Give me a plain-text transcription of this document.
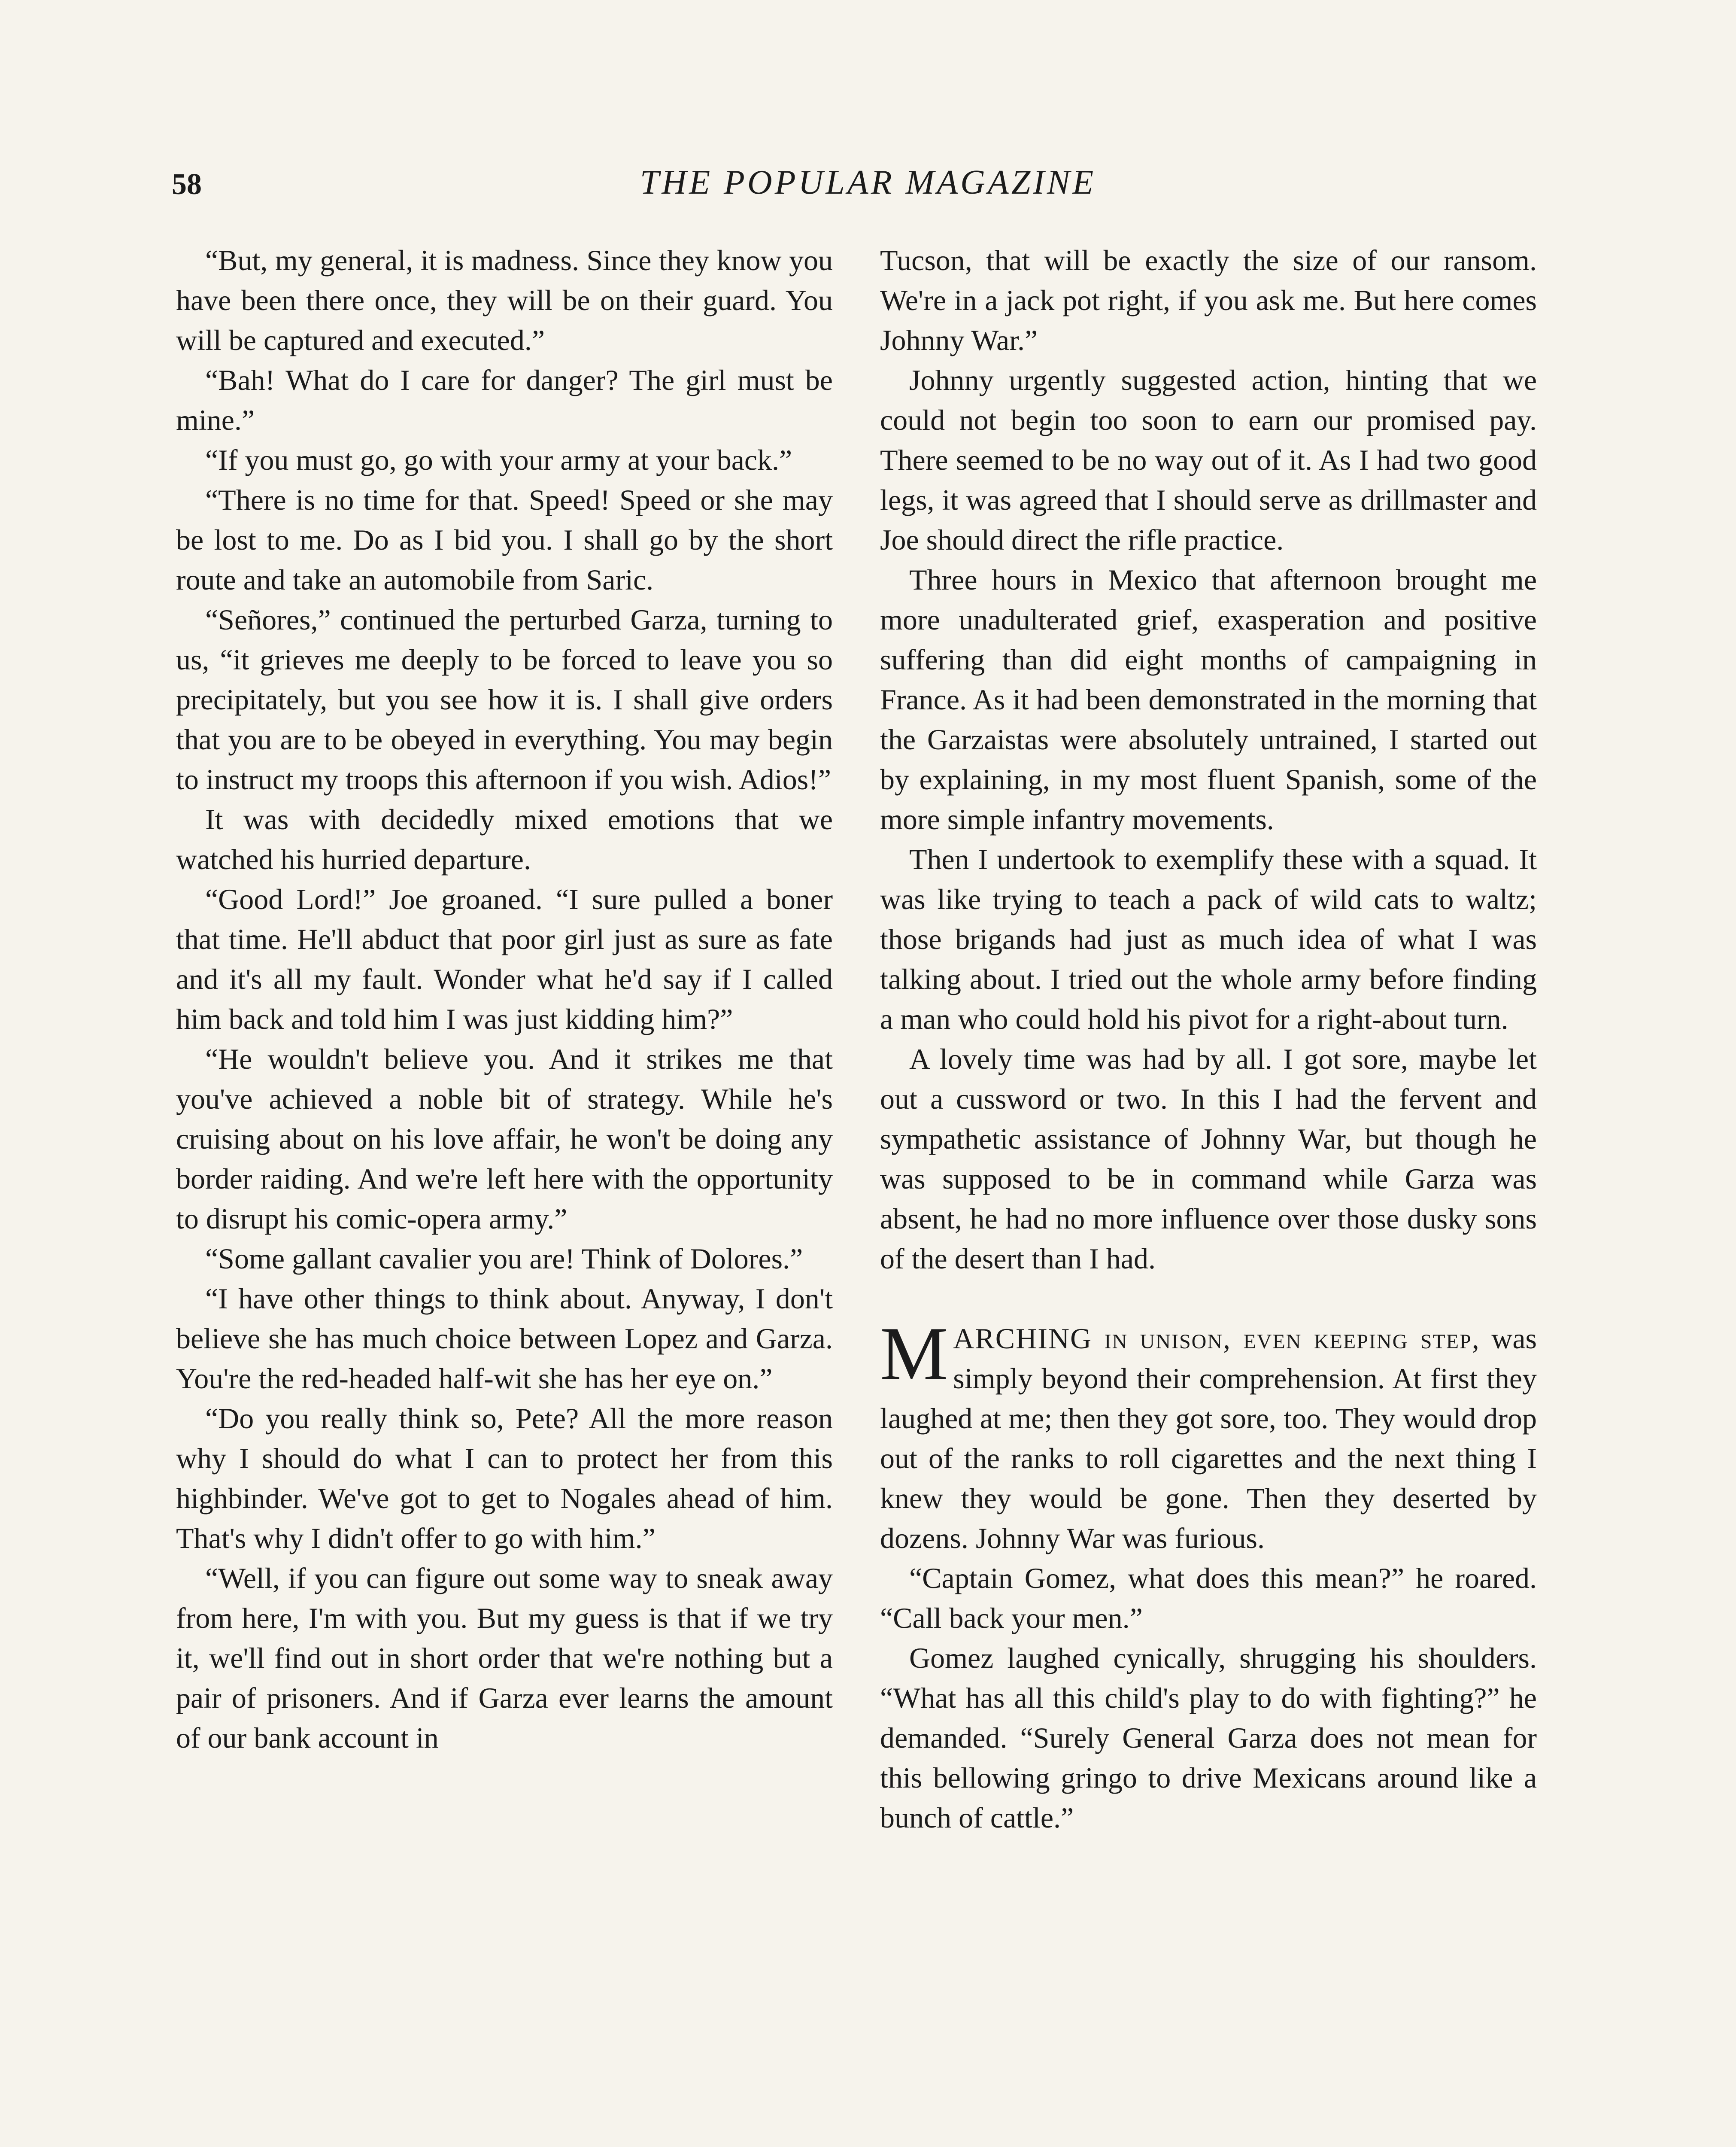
58	THE POPULAR MAGAZINE

“But, my general, it is madness. Since they know you have been there once, they will be on their guard. You will be captured and executed.”

“Bah! What do I care for danger? The girl must be mine.”

“If you must go, go with your army at your back.”

“There is no time for that. Speed! Speed or she may be lost to me. Do as I bid you. I shall go by the short route and take an automobile from Saric.

“Señores,” continued the perturbed Garza, turning to us, “it grieves me deeply to be forced to leave you so precipitately, but you see how it is. I shall give orders that you are to be obeyed in everything. You may begin to instruct my troops this afternoon if you wish. Adios!”

It was with decidedly mixed emotions that we watched his hurried departure.

“Good Lord!” Joe groaned. “I sure pulled a boner that time. He'll abduct that poor girl just as sure as fate and it's all my fault. Wonder what he'd say if I called him back and told him I was just kidding him?”

“He wouldn't believe you. And it strikes me that you've achieved a noble bit of strategy. While he's cruising about on his love affair, he won't be doing any border raiding. And we're left here with the opportunity to disrupt his comic-opera army.”

“Some gallant cavalier you are! Think of Dolores.”

“I have other things to think about. Anyway, I don't believe she has much choice between Lopez and Garza. You're the red-headed half-wit she has her eye on.”

“Do you really think so, Pete? All the more reason why I should do what I can to protect her from this highbinder. We've got to get to Nogales ahead of him. That's why I didn't offer to go with him.”

“Well, if you can figure out some way to sneak away from here, I'm with you. But my guess is that if we try it, we'll find out in short order that we're nothing but a pair of prisoners. And if Garza ever learns the amount of our bank account in

Tucson, that will be exactly the size of our ransom. We're in a jack pot right, if you ask me. But here comes Johnny War.”

Johnny urgently suggested action, hinting that we could not begin too soon to earn our promised pay. There seemed to be no way out of it. As I had two good legs, it was agreed that I should serve as drillmaster and Joe should direct the rifle practice.

Three hours in Mexico that afternoon brought me more unadulterated grief, exasperation and positive suffering than did eight months of campaigning in France. As it had been demonstrated in the morning that the Garzaistas were absolutely untrained, I started out by explaining, in my most fluent Spanish, some of the more simple infantry movements.

Then I undertook to exemplify these with a squad. It was like trying to teach a pack of wild cats to waltz; those brigands had just as much idea of what I was talking about. I tried out the whole army before finding a man who could hold his pivot for a right-about turn.

A lovely time was had by all. I got sore, maybe let out a cussword or two. In this I had the fervent and sympathetic assistance of Johnny War, but though he was supposed to be in command while Garza was absent, he had no more influence over those dusky sons of the desert than I had.

MARCHING in unison, even keeping step, was simply beyond their comprehension. At first they laughed at me; then they got sore, too. They would drop out of the ranks to roll cigarettes and the next thing I knew they would be gone. Then they deserted by dozens. Johnny War was furious.

“Captain Gomez, what does this mean?” he roared. “Call back your men.”

Gomez laughed cynically, shrugging his shoulders. “What has all this child's play to do with fighting?” he demanded. “Surely General Garza does not mean for this bellowing gringo to drive Mexicans around like a bunch of cattle.”
